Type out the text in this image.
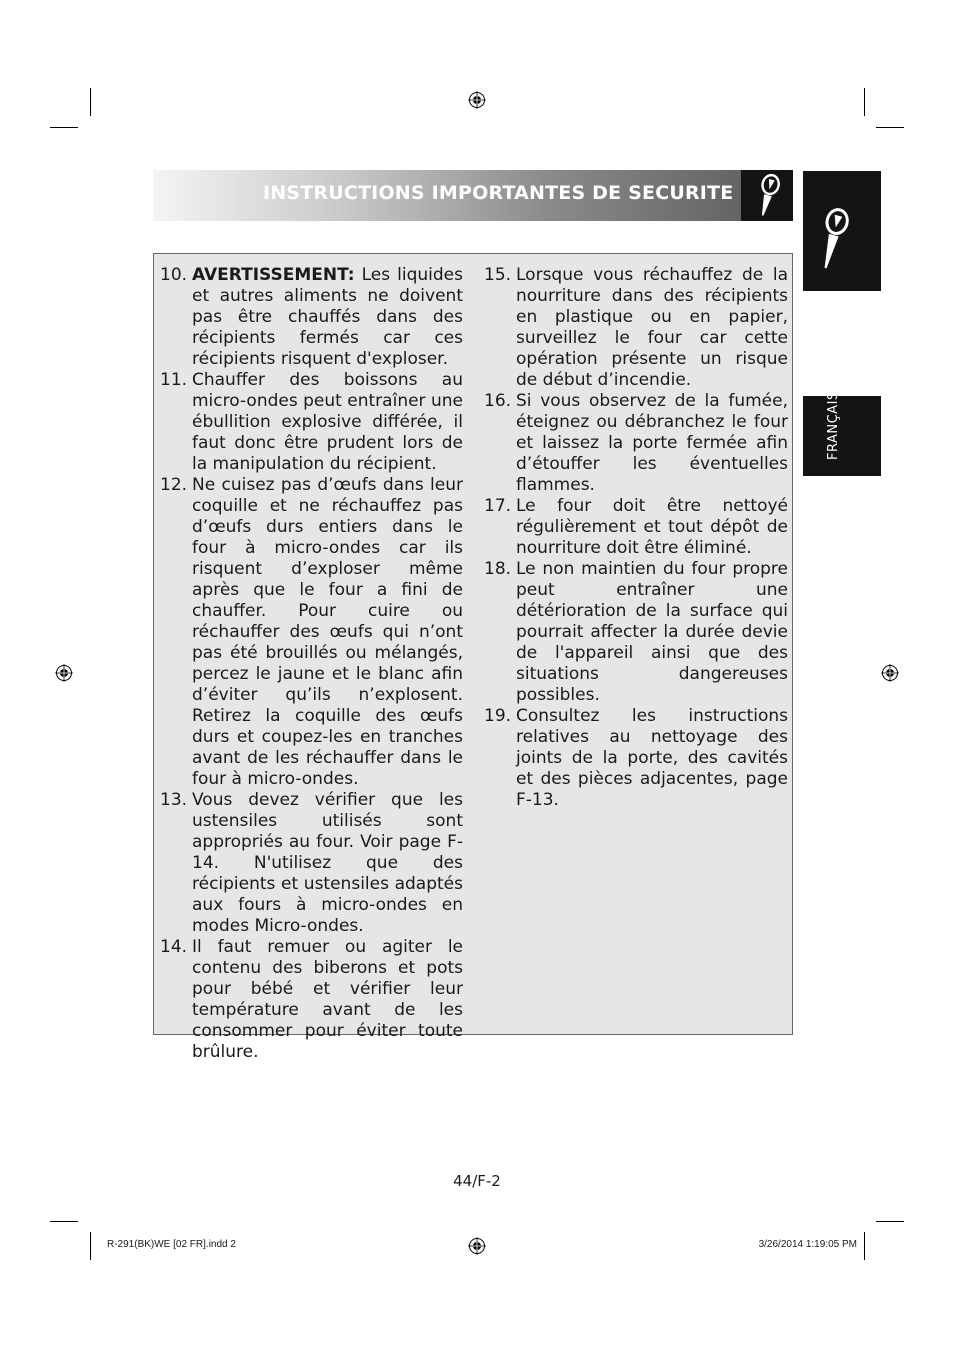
INSTRUCTIONS IMPORTANTES DE SECURITE
FRANÇAIS
10. AVERTISSEMENT: Les liquides et autres aliments ne doivent pas être chauffés dans des récipients fermés car ces récipients risquent d'exploser.
11. Chauffer des boissons au micro-ondes peut entraîner une ébullition explosive différée, il faut donc être prudent lors de la manipulation du récipient.
12. Ne cuisez pas d’œufs dans leur coquille et ne réchauffez pas d’œufs durs entiers dans le four à micro-ondes car ils risquent d’exploser même après que le four a fini de chauffer. Pour cuire ou réchauffer des œufs qui n’ont pas été brouillés ou mélangés, percez le jaune et le blanc afin d’éviter qu’ils n’explosent. Retirez la coquille des œufs durs et coupez-les en tranches avant de les réchauffer dans le four à micro-ondes.
13. Vous devez vérifier que les ustensiles utilisés sont appropriés au four. Voir page F-14. N'utilisez que des récipients et ustensiles adaptés aux fours à micro-ondes en modes Micro-ondes.
14. Il faut remuer ou agiter le contenu des biberons et pots pour bébé et vérifier leur température avant de les consommer pour éviter toute brûlure.
15. Lorsque vous réchauffez de la nourriture dans des récipients en plastique ou en papier, surveillez le four car cette opération présente un risque de début d’incendie.
16. Si vous observez de la fumée, éteignez ou débranchez le four et laissez la porte fermée afin d’étouffer les éventuelles flammes.
17. Le four doit être nettoyé régulièrement et tout dépôt de nourriture doit être éliminé.
18. Le non maintien du four propre peut entraîner une détérioration de la surface qui pourrait affecter la durée devie de l'appareil ainsi que des situations dangereuses possibles.
19. Consultez les instructions relatives au nettoyage des joints de la porte, des cavités et des pièces adjacentes, page F-13.
44/F-2
R-291(BK)WE [02 FR].indd 2	3/26/2014 1:19:05 PM
